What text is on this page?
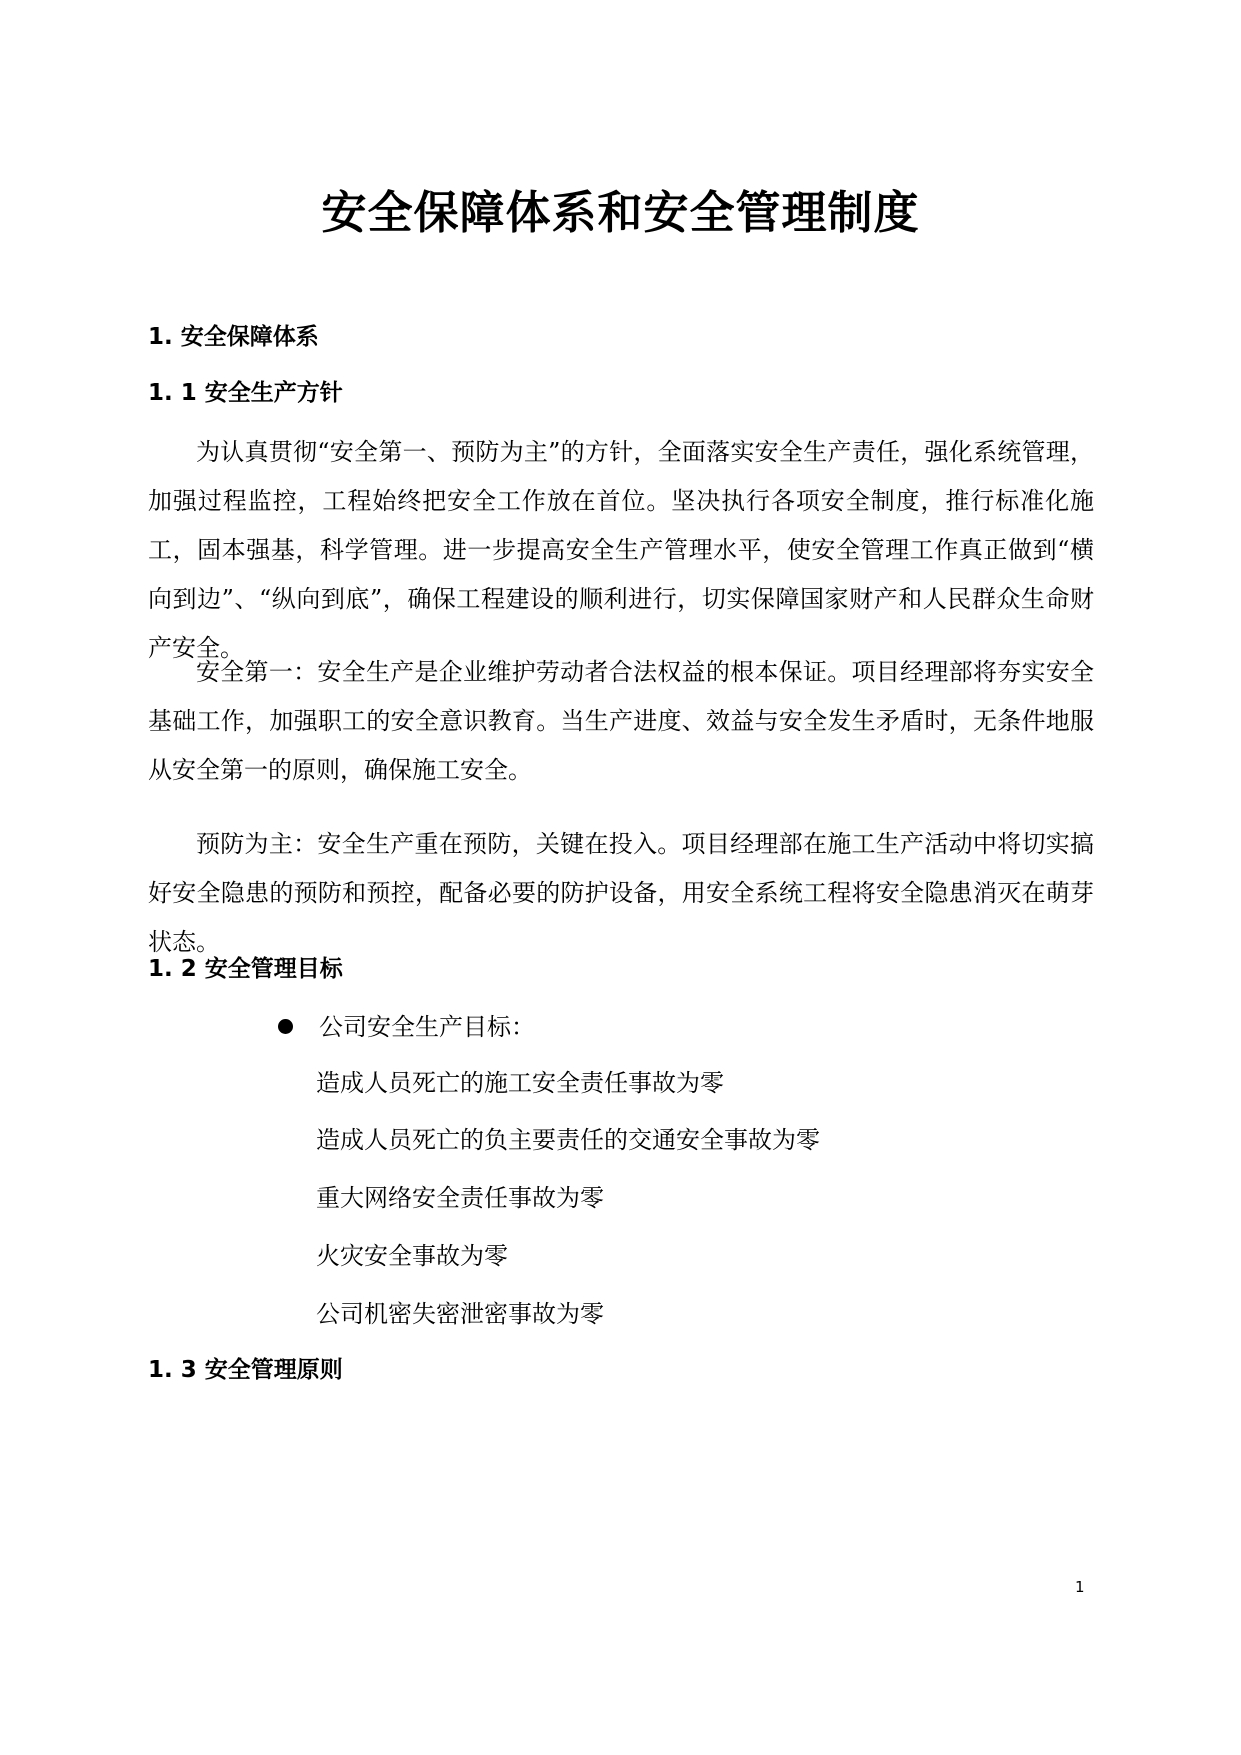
安全保障体系和安全管理制度
1. 安全保障体系
1. 1 安全生产方针

为认真贯彻“安全第一、预防为主”的方针，全面落实安全生产责任，强化系统管理，加强过程监控，工程始终把安全工作放在首位。坚决执行各项安全制度，推行标准化施工，固本强基，科学管理。进一步提高安全生产管理水平，使安全管理工作真正做到“横向到边”、“纵向到底”，确保工程建设的顺利进行，切实保障国家财产和人民群众生命财产安全。

安全第一：安全生产是企业维护劳动者合法权益的根本保证。项目经理部将夯实安全基础工作，加强职工的安全意识教育。当生产进度、效益与安全发生矛盾时，无条件地服从安全第一的原则，确保施工安全。

预防为主：安全生产重在预防，关键在投入。项目经理部在施工生产活动中将切实搞好安全隐患的预防和预控，配备必要的防护设备，用安全系统工程将安全隐患消灭在萌芽状态。

1. 2 安全管理目标

公司安全生产目标：

造成人员死亡的施工安全责任事故为零

造成人员死亡的负主要责任的交通安全事故为零

重大网络安全责任事故为零

火灾安全事故为零

公司机密失密泄密事故为零

1. 3 安全管理原则
1
